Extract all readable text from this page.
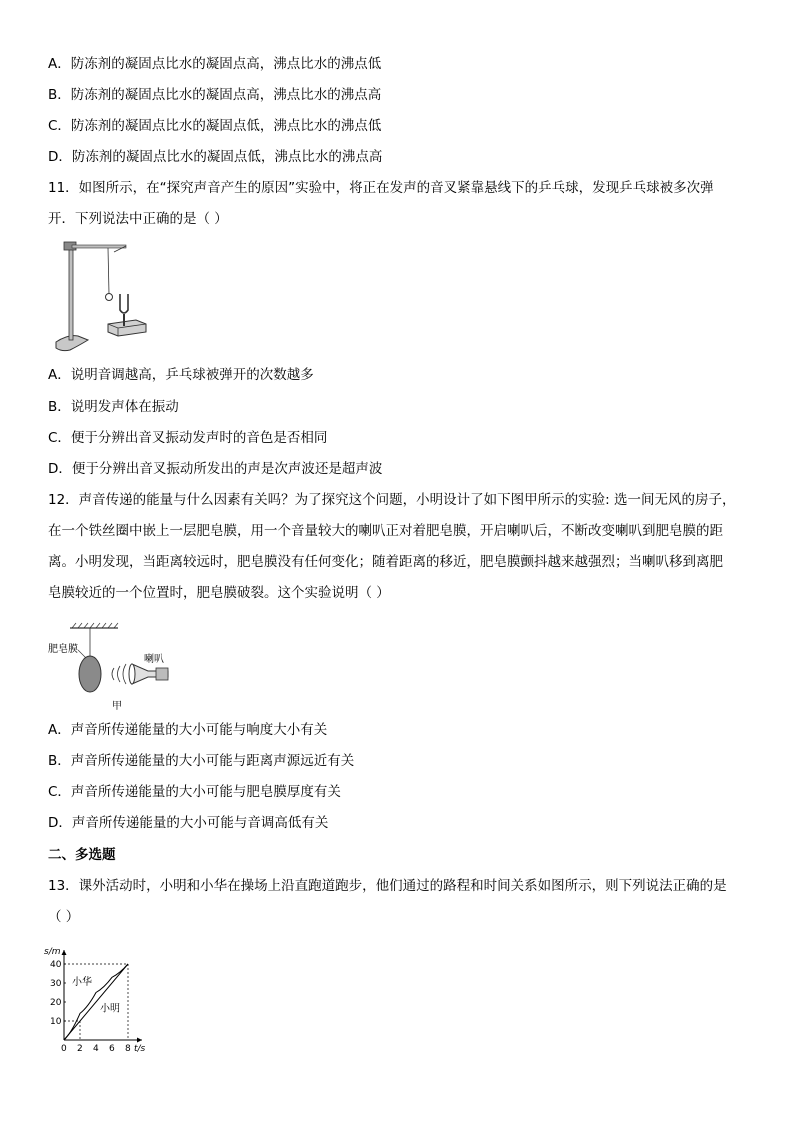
A．防冻剂的凝固点比水的凝固点高，沸点比水的沸点低
B．防冻剂的凝固点比水的凝固点高，沸点比水的沸点高
C．防冻剂的凝固点比水的凝固点低，沸点比水的沸点低
D．防冻剂的凝固点比水的凝固点低，沸点比水的沸点高
11．如图所示，在“探究声音产生的原因”实验中，将正在发声的音叉紧靠悬线下的乒乓球，发现乒乓球被多次弹
开．下列说法中正确的是（ ）
A．说明音调越高，乒乓球被弹开的次数越多
B．说明发声体在振动
C．便于分辨出音叉振动发声时的音色是否相同
D．便于分辨出音叉振动所发出的声是次声波还是超声波
12．声音传递的能量与什么因素有关吗？为了探究这个问题，小明设计了如下图甲所示的实验: 选一间无风的房子，
在一个铁丝圈中嵌上一层肥皂膜，用一个音量较大的喇叭正对着肥皂膜，开启喇叭后，不断改变喇叭到肥皂膜的距
离。小明发现，当距离较远时，肥皂膜没有任何变化；随着距离的移近，肥皂膜颤抖越来越强烈；当喇叭移到离肥
皂膜较近的一个位置时，肥皂膜破裂。这个实验说明（ ）
肥皂膜
喇叭
甲
A．声音所传递能量的大小可能与响度大小有关
B．声音所传递能量的大小可能与距离声源远近有关
C．声音所传递能量的大小可能与肥皂膜厚度有关
D．声音所传递能量的大小可能与音调高低有关
二、多选题
13．课外活动时，小明和小华在操场上沿直跑道跑步，他们通过的路程和时间关系如图所示，则下列说法正确的是
（ ）
s/m
t/s
0 2 4 6 8
10
20
30
40
小华
小明
